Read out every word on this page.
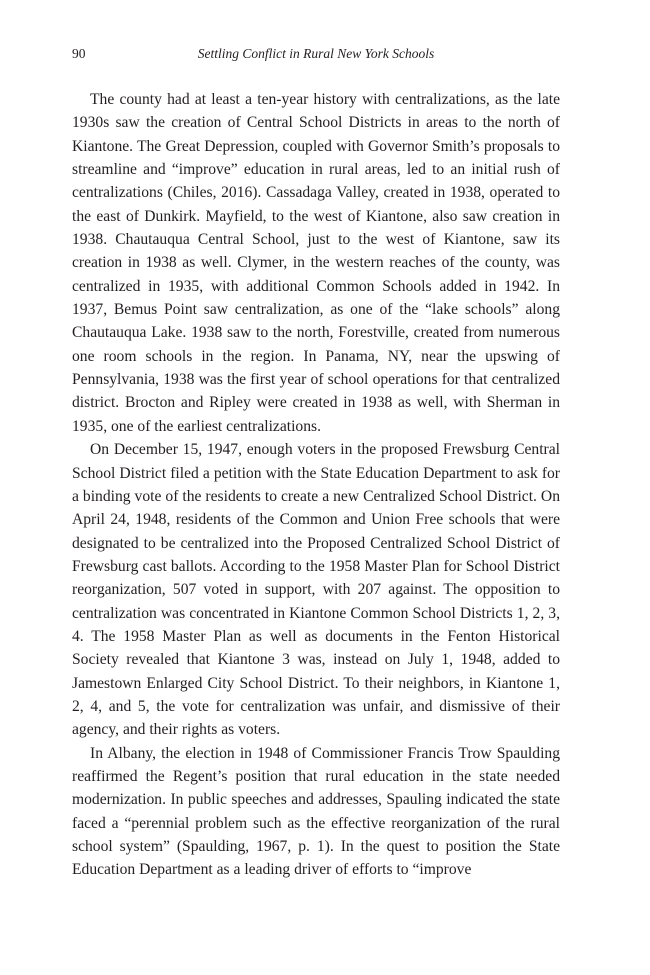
90	Settling Conflict in Rural New York Schools

The county had at least a ten-year history with centralizations, as the late 1930s saw the creation of Central School Districts in areas to the north of Kiantone. The Great Depression, coupled with Governor Smith’s proposals to streamline and “improve” education in rural areas, led to an initial rush of centralizations (Chiles, 2016). Cassadaga Valley, created in 1938, operated to the east of Dunkirk. Mayfield, to the west of Kiantone, also saw creation in 1938. Chautauqua Central School, just to the west of Kiantone, saw its creation in 1938 as well. Clymer, in the western reaches of the county, was centralized in 1935, with additional Common Schools added in 1942. In 1937, Bemus Point saw centralization, as one of the “lake schools” along Chautauqua Lake. 1938 saw to the north, Forestville, created from numerous one room schools in the region. In Panama, NY, near the upswing of Pennsylvania, 1938 was the first year of school operations for that centralized district. Brocton and Ripley were created in 1938 as well, with Sherman in 1935, one of the earliest centralizations.

On December 15, 1947, enough voters in the proposed Frewsburg Central School District filed a petition with the State Education Department to ask for a binding vote of the residents to create a new Centralized School District. On April 24, 1948, residents of the Common and Union Free schools that were designated to be centralized into the Proposed Centralized School District of Frewsburg cast ballots. According to the 1958 Master Plan for School District reorganization, 507 voted in support, with 207 against. The opposition to centralization was concentrated in Kiantone Common School Districts 1, 2, 3, 4. The 1958 Master Plan as well as documents in the Fenton Historical Society revealed that Kiantone 3 was, instead on July 1, 1948, added to Jamestown Enlarged City School District. To their neighbors, in Kiantone 1, 2, 4, and 5, the vote for centralization was unfair, and dismissive of their agency, and their rights as voters.

In Albany, the election in 1948 of Commissioner Francis Trow Spaulding reaffirmed the Regent’s position that rural education in the state needed modernization. In public speeches and addresses, Spauling indicated the state faced a “perennial problem such as the effective reorganization of the rural school system” (Spaulding, 1967, p. 1). In the quest to position the State Education Department as a leading driver of efforts to “improve
